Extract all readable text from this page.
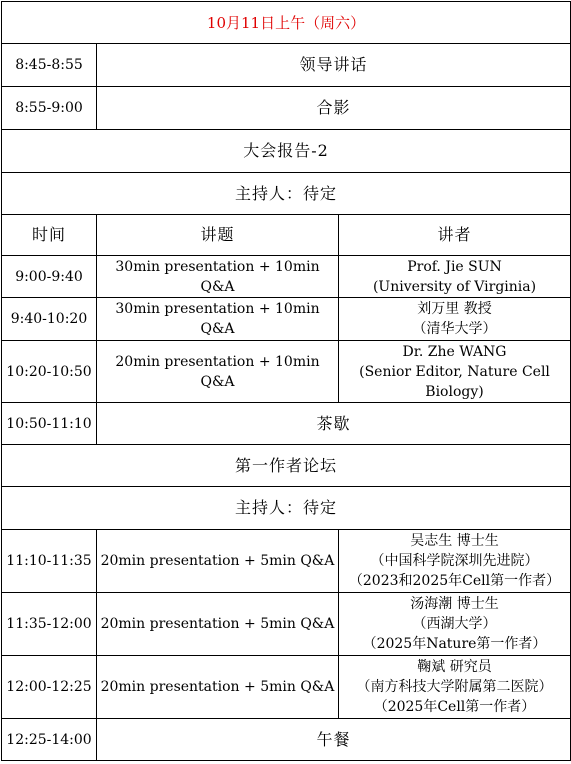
10月11日上午（周六）		
8:45-8:55	领导讲话	
8:55-9:00	合影	
大会报告-2		
主持人：待定		
时间	讲题	讲者
9:00-9:40	30min presentation + 10min Q&A	Prof. Jie SUN
(University of Virginia)

9:40-10:20	30min presentation + 10min Q&A	刘万里 教授
（清华大学）

10:20-10:50	20min presentation + 10min Q&A	Dr. Zhe WANG
(Senior Editor, Nature Cell
Biology)

10:50-11:10	茶歇	
第一作者论坛		
主持人：待定		
11:10-11:35	20min presentation + 5min Q&A	吴志生 博士生
（中国科学院深圳先进院）
（2023和2025年Cell第一作者）

11:35-12:00	20min presentation + 5min Q&A	汤海潮 博士生
（西湖大学）
（2025年Nature第一作者）

12:00-12:25	20min presentation + 5min Q&A	鞠斌 研究员
（南方科技大学附属第二医院）
（2025年Cell第一作者）

12:25-14:00	午餐	
